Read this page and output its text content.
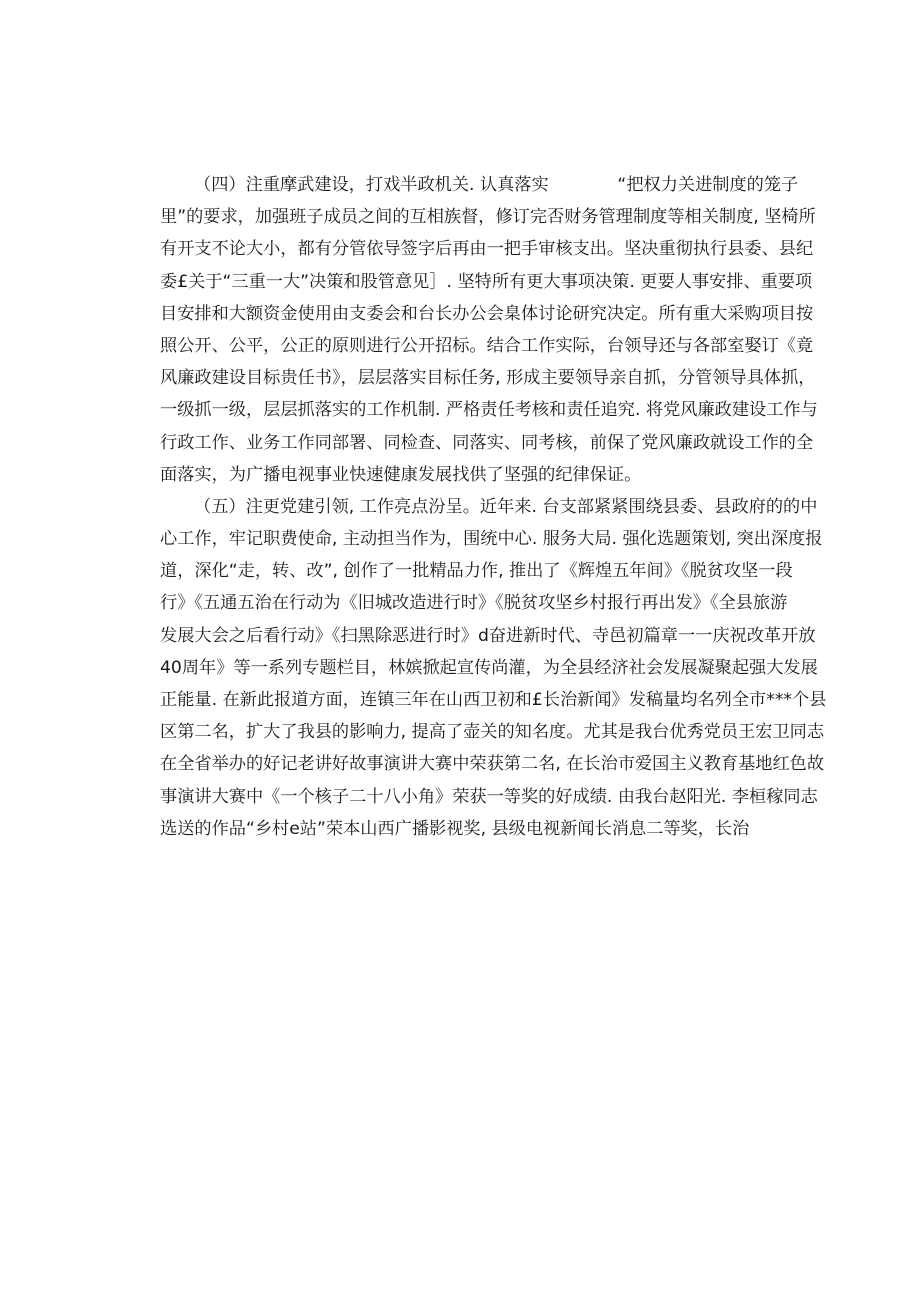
（四）注重摩武建设，打戏半政机关. 认真落实　　　　“把权力关进制度的笼子
里”的要求，加强班子成员之间的互相族督，修订完否财务管理制度等相关制度, 坚椅所
有开支不论大小，都有分管依导签字后再由一把手审核支出。坚决重彻执行县委、县纪
委£关于“三重一大”决策和股管意见］. 坚特所有更大事项决策. 更要人事安排、重要项
目安排和大额资金使用由支委会和台长办公会臬体讨论研究决定。所有重大采购项目按
照公开、公平，公正的原则进行公开招标。结合工作实际，台领导还与各部室娶订《竟
风廉政建设目标贵任书》，层层落实目标任务, 形成主要领导亲自抓，分管领导具体抓，
一级抓一级，层层抓落实的工作机制. 严格责任考核和责任追究. 将党风廉政建设工作与
行政工作、业务工作同部署、同检查、同落实、同考核，前保了党风廉政就设工作的全
面落实，为广播电视事业快速健康发展找供了坚强的纪律保证。
（五）注更党建引领, 工作亮点汾呈。近年来. 台支部紧紧围绕县委、县政府的的中
心工作，牢记职费使命, 主动担当作为，围统中心. 服务大局. 强化选题策划, 突出深度报
道，深化“走，转、改”, 创作了一批精品力作, 推出了《辉煌五年间》《脱贫攻坚一段
行》《五通五治在行动为《旧城改造进行时》《脱贫攻坚乡村报行再出发》《全县旅游
发展大会之后看行动》《扫黑除恶进行时》d奋进新时代、寺邑初篇章一一庆祝改革开放
40周年》等一系列专题栏目，林嫔掀起宣传尚灌，为全县经济社会发展凝聚起强大发展
正能量. 在新此报道方面，连镇三年在山西卫初和£长治新闻》发稿量均名列全市***个县
区第二名，扩大了我县的影响力, 提高了壶关的知名度。尤其是我台优秀党员王宏卫同志
在全省举办的好记老讲好故事演讲大赛中荣获第二名, 在长治市爱国主义教育基地红色故
事演讲大赛中《一个核子二十八小角》荣获一等奖的好成绩. 由我台赵阳光. 李桓稼同志
选送的作品“乡村e站”荣本山西广播影视奖, 县级电视新闻长消息二等奖，长治
